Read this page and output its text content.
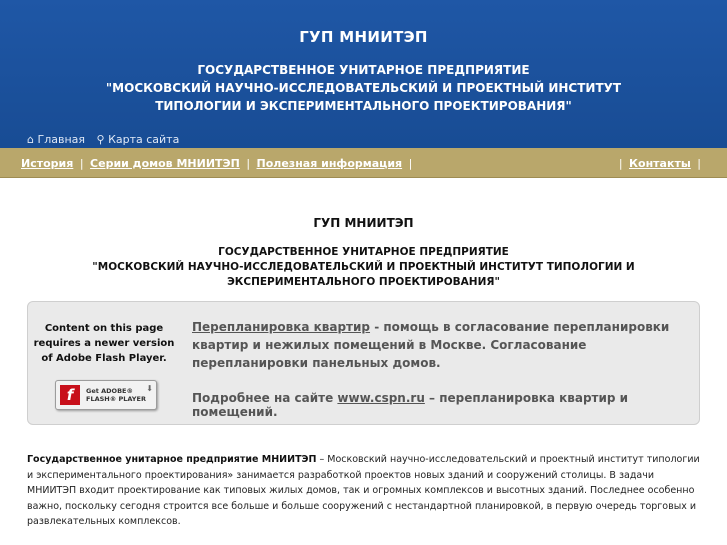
ГУП МНИИТЭП
ГОСУДАРСТВЕННОЕ УНИТАРНОЕ ПРЕДПРИЯТИЕ
"МОСКОВСКИЙ НАУЧНО-ИССЛЕДОВАТЕЛЬСКИЙ И ПРОЕКТНЫЙ ИНСТИТУТ
ТИПОЛОГИИ И ЭКСПЕРИМЕНТАЛЬНОГО ПРОЕКТИРОВАНИЯ"
⌂ Главная ⚲ Карта сайта
История | Серии домов МНИИТЭП | Полезная информация |	| Контакты |
ГУП МНИИТЭП
ГОСУДАРСТВЕННОЕ УНИТАРНОЕ ПРЕДПРИЯТИЕ
"МОСКОВСКИЙ НАУЧНО-ИССЛЕДОВАТЕЛЬСКИЙ И ПРОЕКТНЫЙ ИНСТИТУТ ТИПОЛОГИИ И ЭКСПЕРИМЕНТАЛЬНОГО ПРОЕКТИРОВАНИЯ"
Content on this page requires a newer version of Adobe Flash Player.
f	Get ADOBE®
FLASH® PLAYER
⬇
Перепланировка квартир - помощь в согласование перепланировки квартир и нежилых помещений в Москве. Согласование перепланировки панельных домов.
Подробнее на сайте www.cspn.ru – перепланировка квартир и помещений.
Государственное унитарное предприятие МНИИТЭП – Московский научно-исследовательский и проектный институт типологии и экспериментального проектирования» занимается разработкой проектов новых зданий и сооружений столицы. В задачи МНИИТЭП входит проектирование как типовых жилых домов, так и огромных комплексов и высотных зданий. Последнее особенно важно, поскольку сегодня строится все больше и больше сооружений с нестандартной планировкой, в первую очередь торговых и развлекательных комплексов.
